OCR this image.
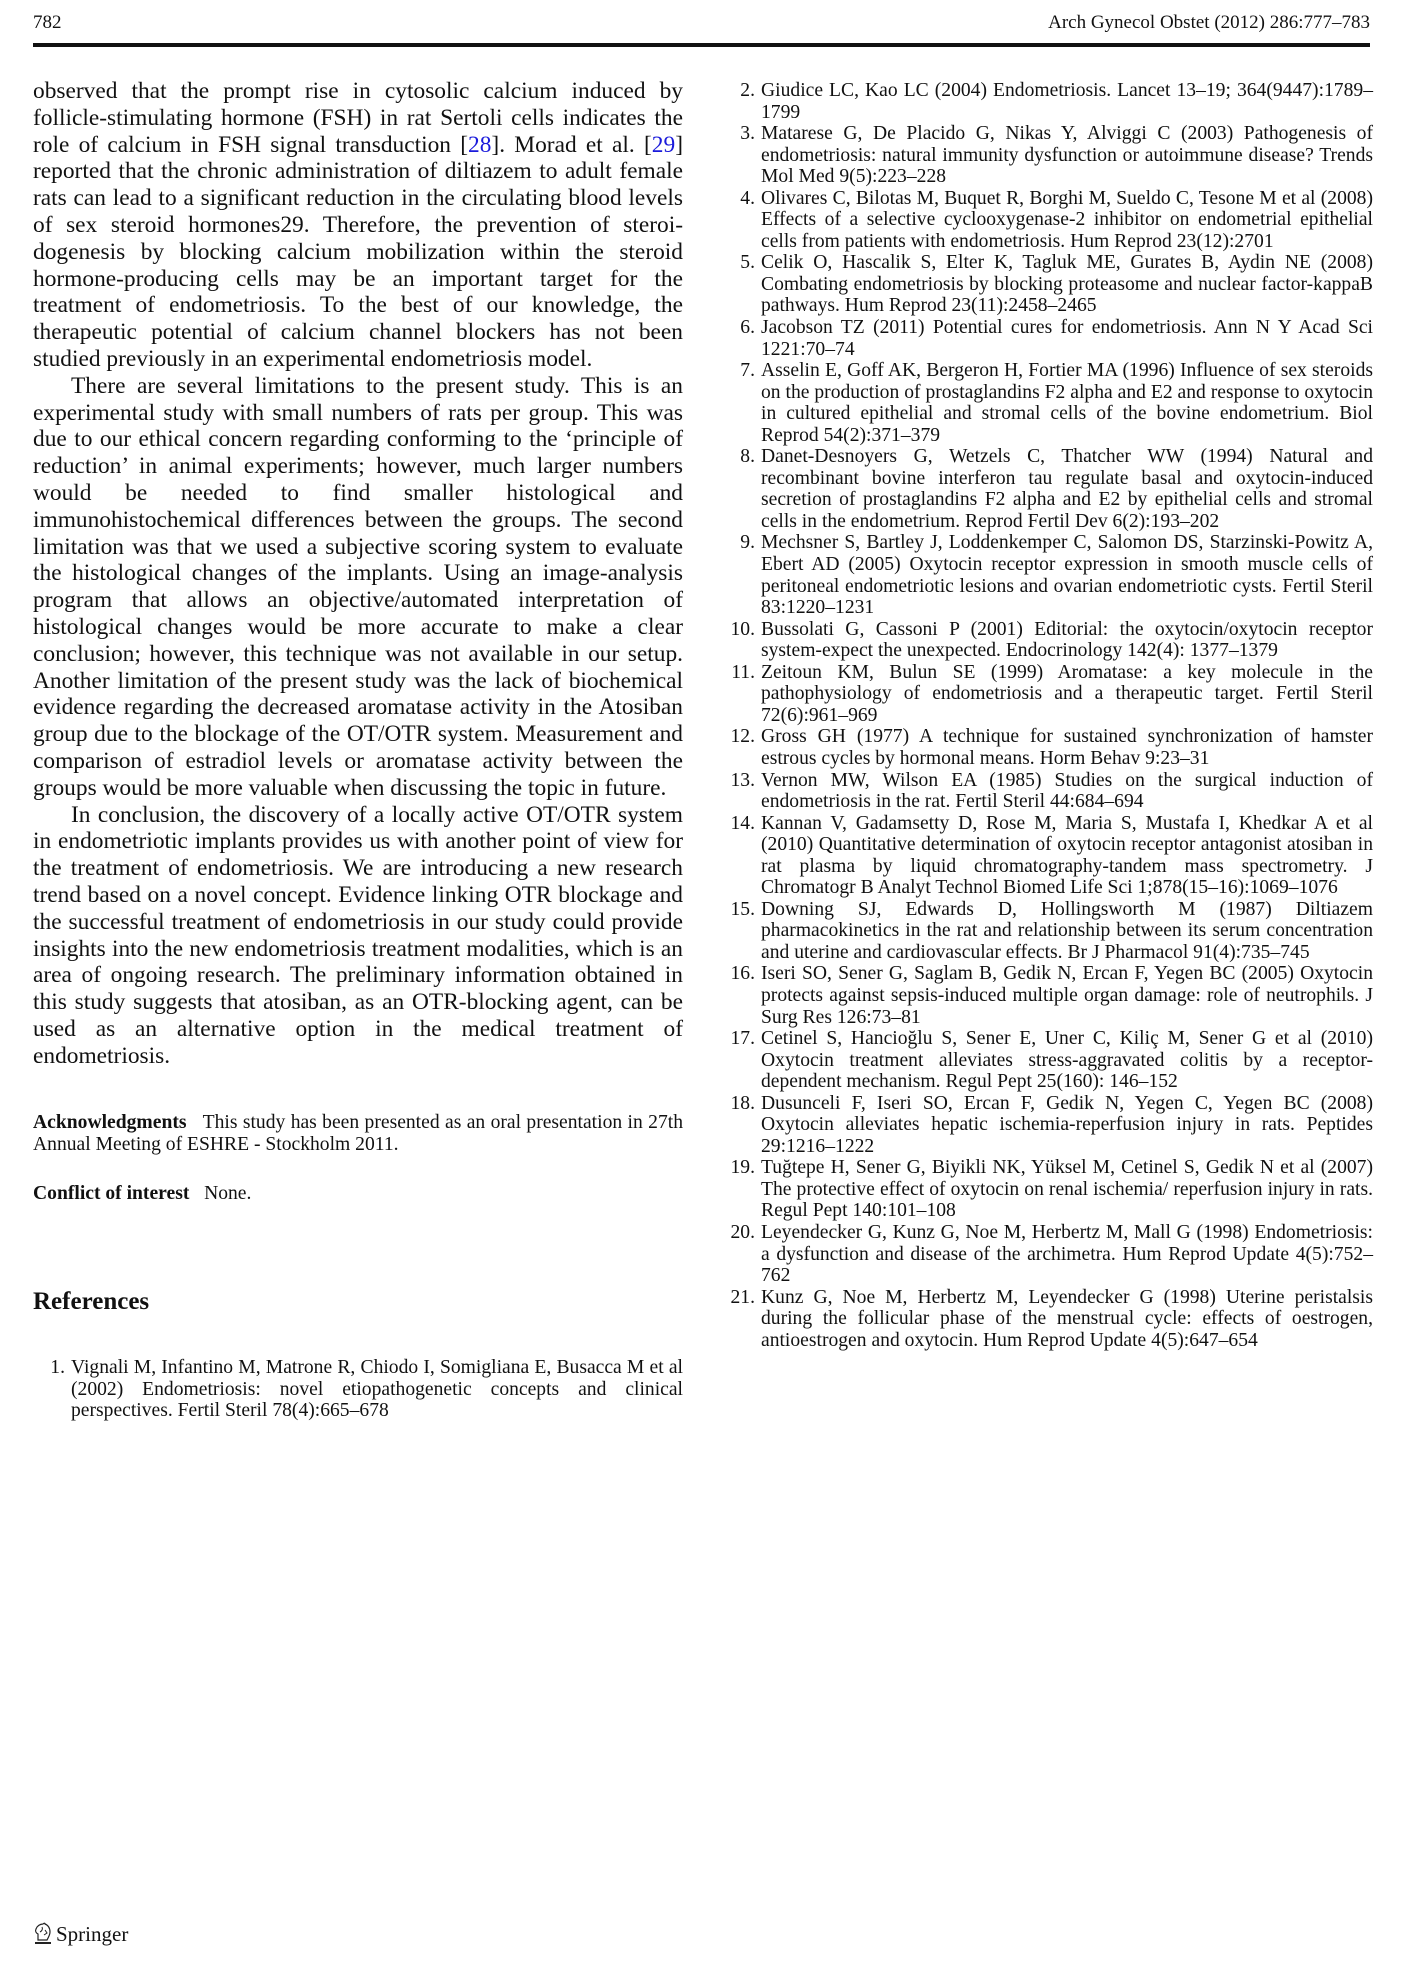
782	Arch Gynecol Obstet (2012) 286:777–783

observed that the prompt rise in cytosolic calcium induced by follicle-stimulating hormone (FSH) in rat Sertoli cells indicates the role of calcium in FSH signal transduction [28]. Morad et al. [29] reported that the chronic administration of diltiazem to adult female rats can lead to a significant reduction in the circulating blood levels of sex steroid hormones29. Therefore, the prevention of steroidogenesis by blocking calcium mobilization within the steroid hormone-producing cells may be an important target for the treatment of endometriosis. To the best of our knowledge, the therapeutic potential of calcium channel blockers has not been studied previously in an experimental endometriosis model.

There are several limitations to the present study. This is an experimental study with small numbers of rats per group. This was due to our ethical concern regarding conforming to the ‘principle of reduction’ in animal experiments; however, much larger numbers would be needed to find smaller histological and immunohistochemical differences between the groups. The second limitation was that we used a subjective scoring system to evaluate the histological changes of the implants. Using an image-analysis program that allows an objective/automated interpretation of histological changes would be more accurate to make a clear conclusion; however, this technique was not available in our setup. Another limitation of the present study was the lack of biochemical evidence regarding the decreased aromatase activity in the Atosiban group due to the blockage of the OT/OTR system. Measurement and comparison of estradiol levels or aromatase activity between the groups would be more valuable when discussing the topic in future.

In conclusion, the discovery of a locally active OT/OTR system in endometriotic implants provides us with another point of view for the treatment of endometriosis. We are introducing a new research trend based on a novel concept. Evidence linking OTR blockage and the successful treatment of endometriosis in our study could provide insights into the new endometriosis treatment modalities, which is an area of ongoing research. The preliminary information obtained in this study suggests that atosiban, as an OTR-blocking agent, can be used as an alternative option in the medical treatment of endometriosis.

Acknowledgments This study has been presented as an oral presentation in 27th Annual Meeting of ESHRE - Stockholm 2011.

Conflict of interest None.

References
1. Vignali M, Infantino M, Matrone R, Chiodo I, Somigliana E, Busacca M et al (2002) Endometriosis: novel etiopathogenetic concepts and clinical perspectives. Fertil Steril 78(4):665–678
2. Giudice LC, Kao LC (2004) Endometriosis. Lancet 13–19; 364(9447):1789–1799
3. Matarese G, De Placido G, Nikas Y, Alviggi C (2003) Pathogenesis of endometriosis: natural immunity dysfunction or autoimmune disease? Trends Mol Med 9(5):223–228
4. Olivares C, Bilotas M, Buquet R, Borghi M, Sueldo C, Tesone M et al (2008) Effects of a selective cyclooxygenase-2 inhibitor on endometrial epithelial cells from patients with endometriosis. Hum Reprod 23(12):2701
5. Celik O, Hascalik S, Elter K, Tagluk ME, Gurates B, Aydin NE (2008) Combating endometriosis by blocking proteasome and nuclear factor-kappaB pathways. Hum Reprod 23(11):2458–2465
6. Jacobson TZ (2011) Potential cures for endometriosis. Ann N Y Acad Sci 1221:70–74
7. Asselin E, Goff AK, Bergeron H, Fortier MA (1996) Influence of sex steroids on the production of prostaglandins F2 alpha and E2 and response to oxytocin in cultured epithelial and stromal cells of the bovine endometrium. Biol Reprod 54(2):371–379
8. Danet-Desnoyers G, Wetzels C, Thatcher WW (1994) Natural and recombinant bovine interferon tau regulate basal and oxytocin-induced secretion of prostaglandins F2 alpha and E2 by epithelial cells and stromal cells in the endometrium. Reprod Fertil Dev 6(2):193–202
9. Mechsner S, Bartley J, Loddenkemper C, Salomon DS, Starzinski-Powitz A, Ebert AD (2005) Oxytocin receptor expression in smooth muscle cells of peritoneal endometriotic lesions and ovarian endometriotic cysts. Fertil Steril 83:1220–1231
10. Bussolati G, Cassoni P (2001) Editorial: the oxytocin/oxytocin receptor system-expect the unexpected. Endocrinology 142(4): 1377–1379
11. Zeitoun KM, Bulun SE (1999) Aromatase: a key molecule in the pathophysiology of endometriosis and a therapeutic target. Fertil Steril 72(6):961–969
12. Gross GH (1977) A technique for sustained synchronization of hamster estrous cycles by hormonal means. Horm Behav 9:23–31
13. Vernon MW, Wilson EA (1985) Studies on the surgical induction of endometriosis in the rat. Fertil Steril 44:684–694
14. Kannan V, Gadamsetty D, Rose M, Maria S, Mustafa I, Khedkar A et al (2010) Quantitative determination of oxytocin receptor antagonist atosiban in rat plasma by liquid chromatography-tandem mass spectrometry. J Chromatogr B Analyt Technol Biomed Life Sci 1;878(15–16):1069–1076
15. Downing SJ, Edwards D, Hollingsworth M (1987) Diltiazem pharmacokinetics in the rat and relationship between its serum concentration and uterine and cardiovascular effects. Br J Pharmacol 91(4):735–745
16. Iseri SO, Sener G, Saglam B, Gedik N, Ercan F, Yegen BC (2005) Oxytocin protects against sepsis-induced multiple organ damage: role of neutrophils. J Surg Res 126:73–81
17. Cetinel S, Hancioğlu S, Sener E, Uner C, Kiliç M, Sener G et al (2010) Oxytocin treatment alleviates stress-aggravated colitis by a receptor-dependent mechanism. Regul Pept 25(160): 146–152
18. Dusunceli F, Iseri SO, Ercan F, Gedik N, Yegen C, Yegen BC (2008) Oxytocin alleviates hepatic ischemia-reperfusion injury in rats. Peptides 29:1216–1222
19. Tuğtepe H, Sener G, Biyikli NK, Yüksel M, Cetinel S, Gedik N et al (2007) The protective effect of oxytocin on renal ischemia/ reperfusion injury in rats. Regul Pept 140:101–108
20. Leyendecker G, Kunz G, Noe M, Herbertz M, Mall G (1998) Endometriosis: a dysfunction and disease of the archimetra. Hum Reprod Update 4(5):752–762
21. Kunz G, Noe M, Herbertz M, Leyendecker G (1998) Uterine peristalsis during the follicular phase of the menstrual cycle: effects of oestrogen, antioestrogen and oxytocin. Hum Reprod Update 4(5):647–654
Springer
